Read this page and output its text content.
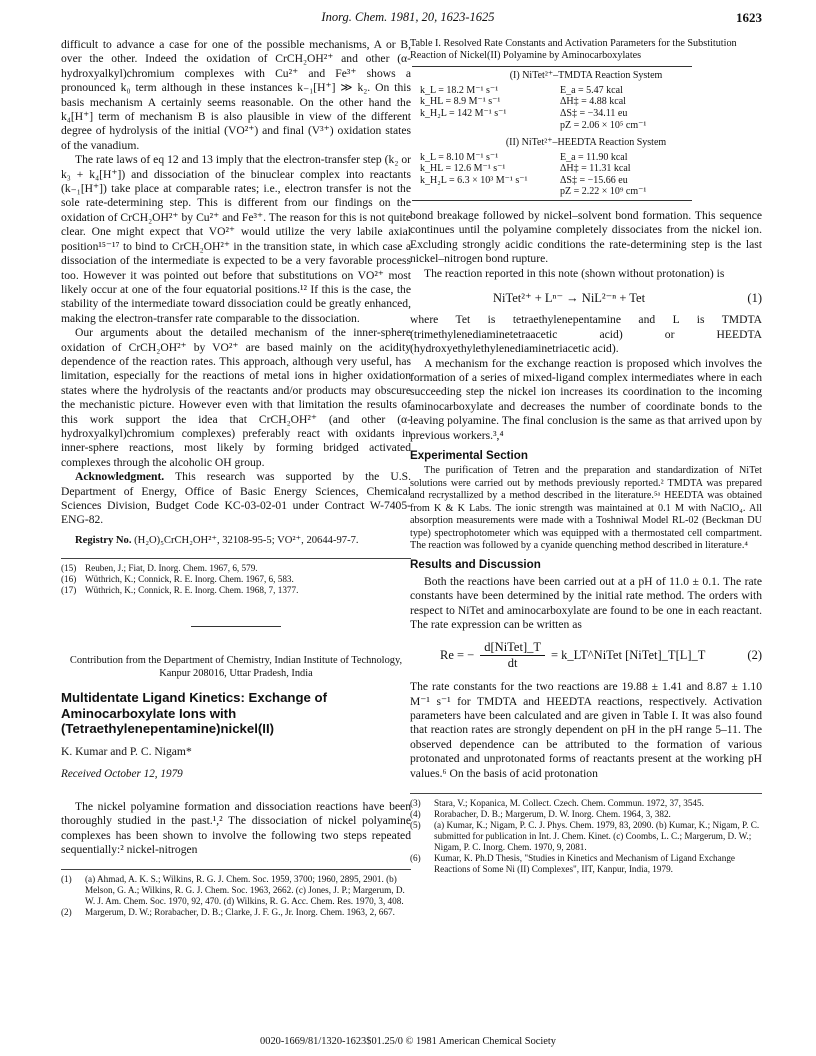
Inorg. Chem. 1981, 20, 1623-1625	1623

difficult to advance a case for one of the possible mechanisms, A or B, over the other. Indeed the oxidation of CrCH₂OH²⁺ and other (α-hydroxyalkyl)chromium complexes with Cu²⁺ and Fe³⁺ shows a pronounced k₀ term although in these instances k₋₁[H⁺] ≫ k₂. On this basis mechanism A certainly seems reasonable. On the other hand the k₄[H⁺] term of mechanism B is also plausible in view of the different degree of hydrolysis of the initial (VO²⁺) and final (V³⁺) oxidation states of the vanadium.

The rate laws of eq 12 and 13 imply that the electron-transfer step (k₂ or k₃ + k₄[H⁺]) and dissociation of the binuclear complex into reactants (k₋₁[H⁺]) take place at comparable rates; i.e., electron transfer is not the sole rate-determining step. This is different from our findings on the oxidation of CrCH₂OH²⁺ by Cu²⁺ and Fe³⁺. The reason for this is not quite clear. One might expect that VO²⁺ would utilize the very labile axial position¹⁵⁻¹⁷ to bind to CrCH₂OH²⁺ in the transition state, in which case a dissociation of the intermediate is expected to be a very favorable process too. However it was pointed out before that substitutions on VO²⁺ most likely occur at one of the four equatorial positions.¹² If this is the case, the stability of the intermediate toward dissociation could be greatly enhanced, making the electron-transfer rate comparable to the dissociation.

Our arguments about the detailed mechanism of the inner-sphere oxidation of CrCH₂OH²⁺ by VO²⁺ are based mainly on the acidity dependence of the reaction rates. This approach, although very useful, has limitation, especially for the reactions of metal ions in higher oxidation states where the hydrolysis of the reactants and/or products may obscure the mechanistic picture. However even with that limitation the results of this work support the idea that CrCH₂OH²⁺ (and other (α-hydroxyalkyl)chromium complexes) preferably react with oxidants in inner-sphere reactions, most likely by forming bridged activated complexes through the alcoholic OH group.

Acknowledgment. This research was supported by the U.S. Department of Energy, Office of Basic Energy Sciences, Chemical Sciences Division, Budget Code KC-03-02-01 under Contract W-7405-ENG-82.

Registry No. (H₂O)₅CrCH₂OH²⁺, 32108-95-5; VO²⁺, 20644-97-7.

(15) Reuben, J.; Fiat, D. Inorg. Chem. 1967, 6, 579.
(16) Wüthrich, K.; Connick, R. E. Inorg. Chem. 1967, 6, 583.
(17) Wüthrich, K.; Connick, R. E. Inorg. Chem. 1968, 7, 1377.

Contribution from the Department of Chemistry, Indian Institute of Technology, Kanpur 208016, Uttar Pradesh, India

Multidentate Ligand Kinetics: Exchange of Aminocarboxylate Ions with (Tetraethylenepentamine)nickel(II)
K. Kumar and P. C. Nigam*
Received October 12, 1979

The nickel polyamine formation and dissociation reactions have been thoroughly studied in the past.¹,² The dissociation of nickel polyamine complexes has been shown to involve the following two steps repeated sequentially:² nickel-nitrogen

(1)	(a) Ahmad, A. K. S.; Wilkins, R. G. J. Chem. Soc. 1959, 3700; 1960, 2895, 2901. (b) Melson, G. A.; Wilkins, R. G. J. Chem. Soc. 1963, 2662. (c) Jones, J. P.; Margerum, D. W. J. Am. Chem. Soc. 1970, 92, 470. (d) Wilkins, R. G. Acc. Chem. Res. 1970, 3, 408.
(2)	Margerum, D. W.; Rorabacher, D. B.; Clarke, J. F. G., Jr. Inorg. Chem. 1963, 2, 667.
Table I. Resolved Rate Constants and Activation Parameters for the Substitution Reaction of Nickel(II) Polyamine by Aminocarboxylates
(I) NiTet²⁺–TMDTA Reaction System
k_L = 18.2 M⁻¹ s⁻¹	E_a = 5.47 kcal
k_HL = 8.9 M⁻¹ s⁻¹	ΔH‡ = 4.88 kcal
k_H₂L = 142 M⁻¹ s⁻¹	ΔS‡ = −34.11 eu
pZ = 2.06 × 10⁵ cm⁻¹
(II) NiTet²⁺–HEEDTA Reaction System
k_L = 8.10 M⁻¹ s⁻¹	E_a = 11.90 kcal
k_HL = 12.6 M⁻¹ s⁻¹	ΔH‡ = 11.31 kcal
k_H₂L = 6.3 × 10³ M⁻¹ s⁻¹	ΔS‡ = −15.66 eu
pZ = 2.22 × 10⁹ cm⁻¹

bond breakage followed by nickel–solvent bond formation. This sequence continues until the polyamine completely dissociates from the nickel ion. Excluding strongly acidic conditions the rate-determining step is the last nickel–nitrogen bond rupture.

The reaction reported in this note (shown without protonation) is

NiTet²⁺ + Lⁿ⁻ → NiL²⁻ⁿ + Tet	(1)

where Tet is tetraethylenepentamine and L is TMDTA (trimethylenediaminetetraacetic acid) or HEEDTA (hydroxyethylethylenediaminetriacetic acid).

A mechanism for the exchange reaction is proposed which involves the formation of a series of mixed-ligand complex intermediates where in each succeeding step the nickel ion increases its coordination to the incoming aminocarboxylate and decreases the number of coordinate bonds to the leaving polyamine. The final conclusion is the same as that arrived upon by previous workers.³,⁴

Experimental Section

The purification of Tetren and the preparation and standardization of NiTet solutions were carried out by methods previously reported.² TMDTA was prepared and recrystallized by a method described in the literature.⁵ᵃ HEEDTA was obtained from K & K Labs. The ionic strength was maintained at 0.1 M with NaClO₄. All absorption measurements were made with a Toshniwal Model RL-02 (Beckman DU type) spectrophotometer which was equipped with a thermostated cell compartment. The reaction was followed by a cyanide quenching method described in literature.⁴

Results and Discussion

Both the reactions have been carried out at a pH of 11.0 ± 0.1. The rate constants have been determined by the initial rate method. The orders with respect to NiTet and aminocarboxylate are found to be one in each reactant. The rate expression can be written as

Re = − $\frac{\text{d[NiTet]\_T}}{dt}$ = k_LT^NiTet [NiTet]_T[L]_T	(2)

The rate constants for the two reactions are 19.88 ± 1.41 and 8.87 ± 1.10 M⁻¹ s⁻¹ for TMDTA and HEEDTA reactions, respectively. Activation parameters have been calculated and are given in Table I. It was also found that reaction rates are strongly dependent on pH in the pH range 5–11. The observed dependence can be attributed to the formation of various protonated and unprotonated forms of reactants present at the working pH values.⁶ On the basis of acid protonation

(3)	Stara, V.; Kopanica, M. Collect. Czech. Chem. Commun. 1972, 37, 3545.
(4)	Rorabacher, D. B.; Margerum, D. W. Inorg. Chem. 1964, 3, 382.
(5)	(a) Kumar, K.; Nigam, P. C. J. Phys. Chem. 1979, 83, 2090. (b) Kumar, K.; Nigam, P. C. submitted for publication in Int. J. Chem. Kinet. (c) Coombs, L. C.; Margerum, D. W.; Nigam, P. C. Inorg. Chem. 1970, 9, 2081.
(6)	Kumar, K. Ph.D Thesis, "Studies in Kinetics and Mechanism of Ligand Exchange Reactions of Some Ni (II) Complexes", IIT, Kanpur, India, 1979.
0020-1669/81/1320-1623$01.25/0 © 1981 American Chemical Society
